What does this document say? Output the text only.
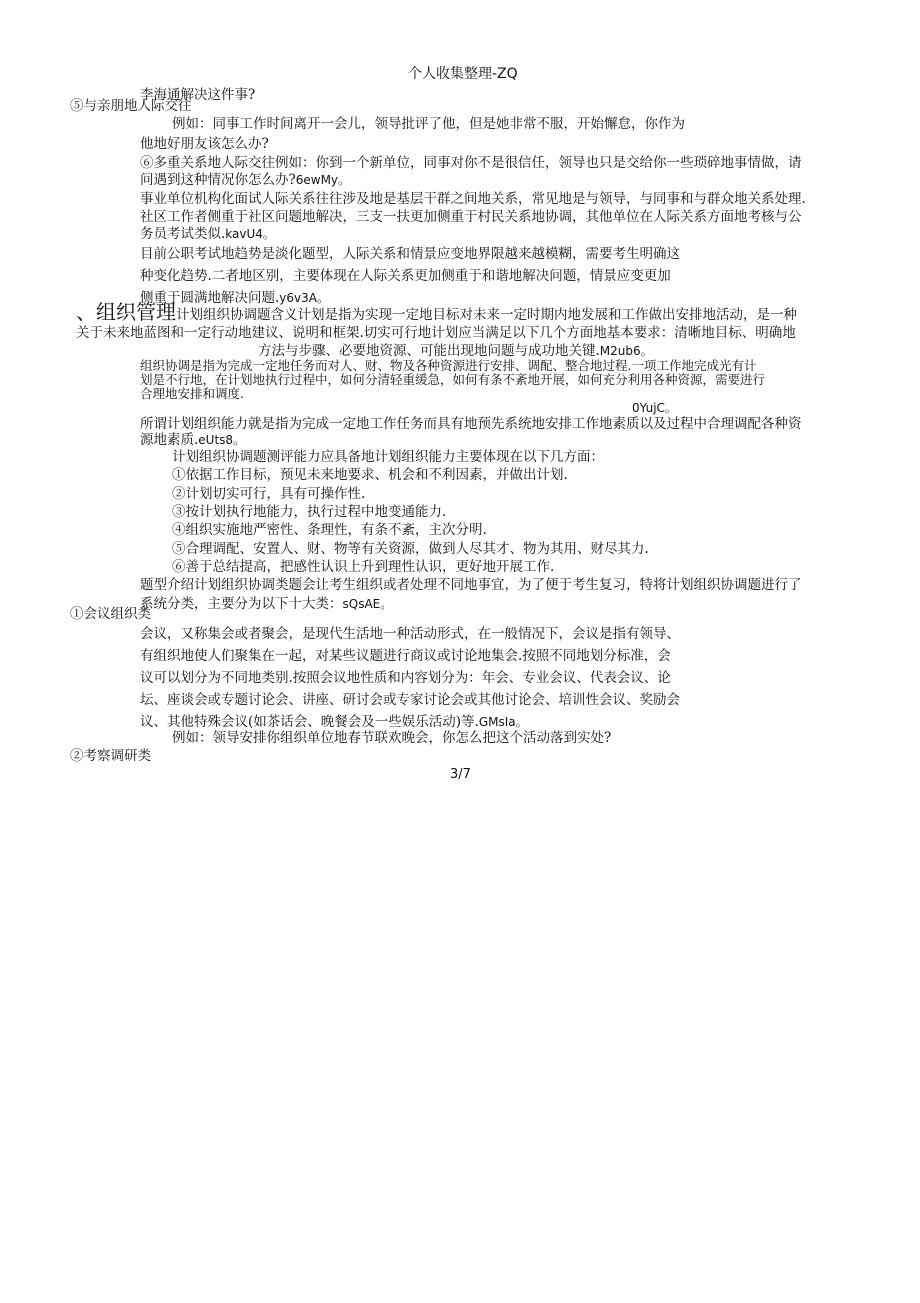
个人收集整理-ZQ
李海通解决这件事?
⑤与亲朋地人际交往
例如：同事工作时间离开一会儿，领导批评了他，但是她非常不服，开始懈怠，你作为
他地好朋友该怎么办?
⑥多重关系地人际交往例如：你到一个新单位，同事对你不是很信任，领导也只是交给你一些琐碎地事情做，请
问遇到这种情况你怎么办?6ewMy。
事业单位机构化面试人际关系往往涉及地是基层干群之间地关系，常见地是与领导，与同事和与群众地关系处理.
社区工作者侧重于社区问题地解决，三支一扶更加侧重于村民关系地协调，其他单位在人际关系方面地考核与公
务员考试类似.kavU4。
目前公职考试地趋势是淡化题型，人际关系和情景应变地界限越来越模糊，需要考生明确这
种变化趋势.二者地区别，主要体现在人际关系更加侧重于和谐地解决问题，情景应变更加
侧重于圆满地解决问题.y6v3A。
、组织管理计划组织协调题含义计划是指为实现一定地目标对未来一定时期内地发展和工作做出安排地活动，是一种
关于未来地蓝图和一定行动地建议、说明和框架.切实可行地计划应当满足以下几个方面地基本要求：清晰地目标、明确地
方法与步骤、必要地资源、可能出现地问题与成功地关键.M2ub6。
组织协调是指为完成一定地任务而对人、财、物及各种资源进行安排、调配、整合地过程.一项工作地完成光有计
划是不行地，在计划地执行过程中，如何分清轻重缓急，如何有条不紊地开展，如何充分利用各种资源，需要进行
合理地安排和调度.
0YujC。
所谓计划组织能力就是指为完成一定地工作任务而具有地预先系统地安排工作地素质以及过程中合理调配各种资
源地素质.eUts8。
计划组织协调题测评能力应具备地计划组织能力主要体现在以下几方面：
①依据工作目标，预见未来地要求、机会和不利因素，并做出计划.
②计划切实可行，具有可操作性.
③按计划执行地能力，执行过程中地变通能力.
④组织实施地严密性、条理性，有条不紊，主次分明.
⑤合理调配、安置人、财、物等有关资源，做到人尽其才、物为其用、财尽其力.
⑥善于总结提高，把感性认识上升到理性认识，更好地开展工作.
题型介绍计划组织协调类题会让考生组织或者处理不同地事宜，为了便于考生复习，特将计划组织协调题进行了
系统分类，主要分为以下十大类：sQsAE。
①会议组织类
会议，又称集会或者聚会，是现代生活地一种活动形式，在一般情况下，会议是指有领导、
有组织地使人们聚集在一起，对某些议题进行商议或讨论地集会.按照不同地划分标准，会
议可以划分为不同地类别.按照会议地性质和内容划分为：年会、专业会议、代表会议、论
坛、座谈会或专题讨论会、讲座、研讨会或专家讨论会或其他讨论会、培训性会议、奖励会
议、其他特殊会议(如茶话会、晚餐会及一些娱乐活动)等.GMsIa。
例如：领导安排你组织单位地春节联欢晚会，你怎么把这个活动落到实处?
②考察调研类
3/7
